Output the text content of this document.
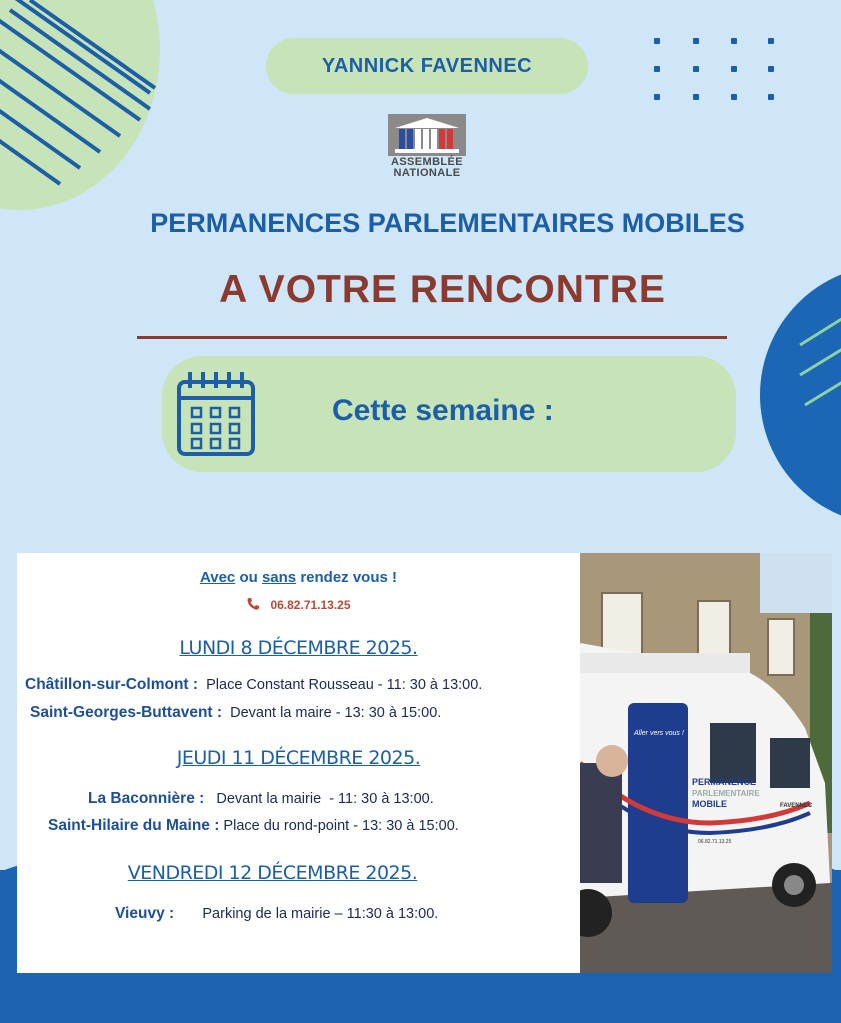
YANNICK FAVENNEC
ASSEMBLÉE
NATIONALE
PERMANENCES PARLEMENTAIRES MOBILES
A VOTRE RENCONTRE
Cette semaine :
Avec ou sans rendez vous !
06.82.71.13.25
LUNDI 8 DÉCEMBRE 2025.
Châtillon-sur-Colmont : Place Constant Rousseau - 11: 30 à 13:00.
Saint-Georges-Buttavent : Devant la maire - 13: 30 à 15:00.
JEUDI 11 DÉCEMBRE 2025.
La Baconnière : Devant la mairie  - 11: 30 à 13:00.
Saint-Hilaire du Maine : Place du rond-point - 13: 30 à 15:00.
VENDREDI 12 DÉCEMBRE 2025.
Vieuvy : Parking de la mairie – 11:30 à 13:00.
PERMANENCE
PARLEMENTAIRE
MOBILE
Aller vers vous !
FAVENNEC
06.82.71.13.25
